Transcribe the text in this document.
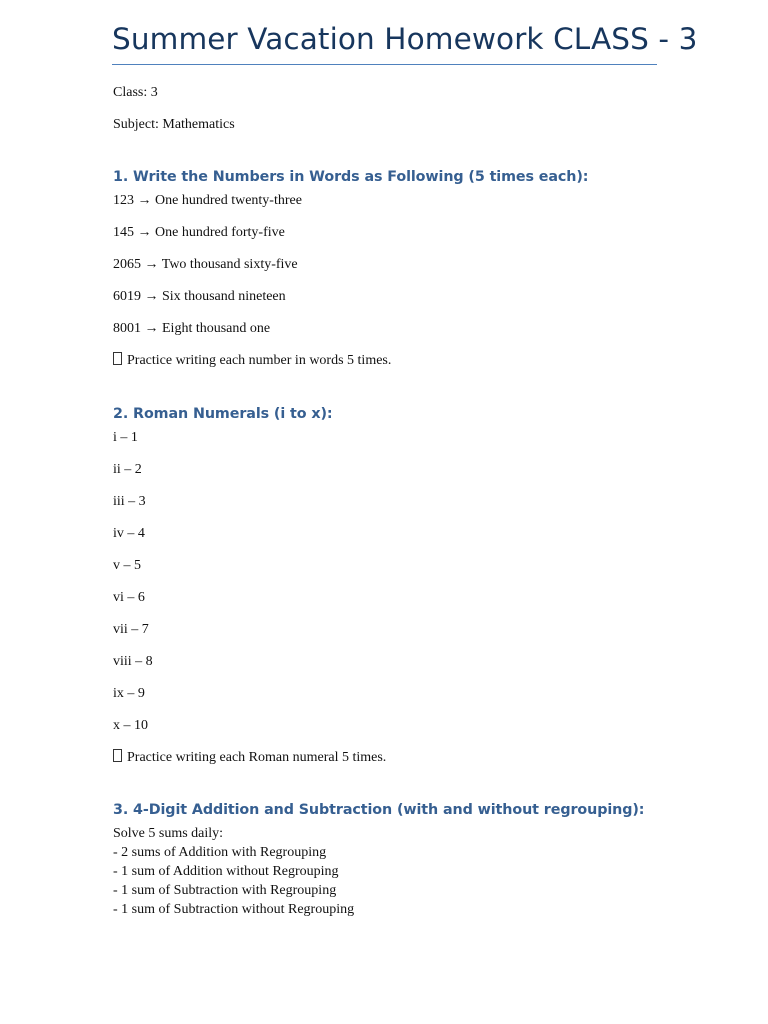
Summer Vacation Homework CLASS - 3
Class: 3
Subject: Mathematics
1. Write the Numbers in Words as Following (5 times each):
123 → One hundred twenty-three
145 → One hundred forty-five
2065 → Two thousand sixty-five
6019 → Six thousand nineteen
8001 → Eight thousand one
Practice writing each number in words 5 times.
2. Roman Numerals (i to x):
i – 1
ii – 2
iii – 3
iv – 4
v – 5
vi – 6
vii – 7
viii – 8
ix – 9
x – 10
Practice writing each Roman numeral 5 times.
3. 4-Digit Addition and Subtraction (with and without regrouping):
Solve 5 sums daily:
- 2 sums of Addition with Regrouping
- 1 sum of Addition without Regrouping
- 1 sum of Subtraction with Regrouping
- 1 sum of Subtraction without Regrouping
